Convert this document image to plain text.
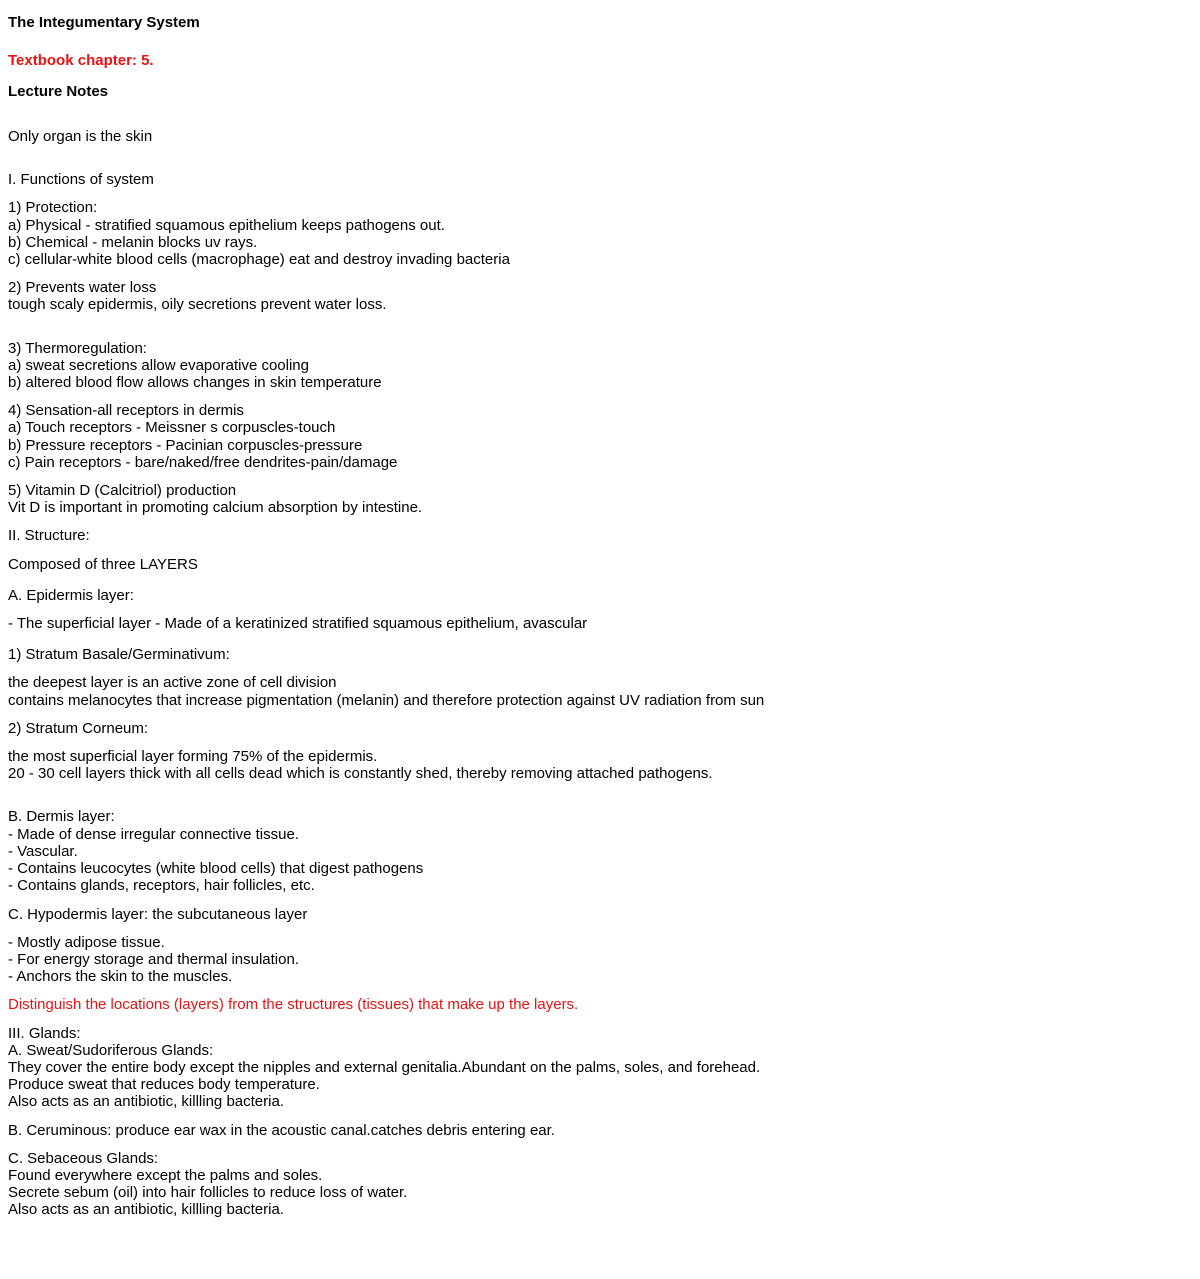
The Integumentary System
Textbook chapter: 5.
Lecture Notes
Only organ is the skin
I. Functions of system
1) Protection:
a) Physical - stratified squamous epithelium keeps pathogens out.
b) Chemical - melanin blocks uv rays.
c) cellular-white blood cells (macrophage) eat and destroy invading bacteria
2) Prevents water loss
tough scaly epidermis, oily secretions prevent water loss.
3) Thermoregulation:
a) sweat secretions allow evaporative cooling
b) altered blood flow allows changes in skin temperature
4) Sensation-all receptors in dermis
a) Touch receptors - Meissner s corpuscles-touch
b) Pressure receptors - Pacinian corpuscles-pressure
c) Pain receptors - bare/naked/free dendrites-pain/damage
5) Vitamin D (Calcitriol) production
Vit D is important in promoting calcium absorption by intestine.
II. Structure:
Composed of three LAYERS
A. Epidermis layer:
- The superficial layer - Made of a keratinized stratified squamous epithelium, avascular
1) Stratum Basale/Germinativum:
the deepest layer is an active zone of cell division
contains melanocytes that increase pigmentation (melanin) and therefore protection against UV radiation from sun
2) Stratum Corneum:
the most superficial layer forming 75% of the epidermis.
20 - 30 cell layers thick with all cells dead which is constantly shed, thereby removing attached pathogens.
B. Dermis layer:
- Made of dense irregular connective tissue.
- Vascular.
- Contains leucocytes (white blood cells) that digest pathogens
- Contains glands, receptors, hair follicles, etc.
C. Hypodermis layer: the subcutaneous layer
- Mostly adipose tissue.
- For energy storage and thermal insulation.
- Anchors the skin to the muscles.
Distinguish the locations (layers) from the structures (tissues) that make up the layers.
III. Glands:
A. Sweat/Sudoriferous Glands:
They cover the entire body except the nipples and external genitalia.Abundant on the palms, soles, and forehead.
Produce sweat that reduces body temperature.
Also acts as an antibiotic, killling bacteria.
B. Ceruminous: produce ear wax in the acoustic canal.catches debris entering ear.
C. Sebaceous Glands:
Found everywhere except the palms and soles.
Secrete sebum (oil) into hair follicles to reduce loss of water.
Also acts as an antibiotic, killling bacteria.
